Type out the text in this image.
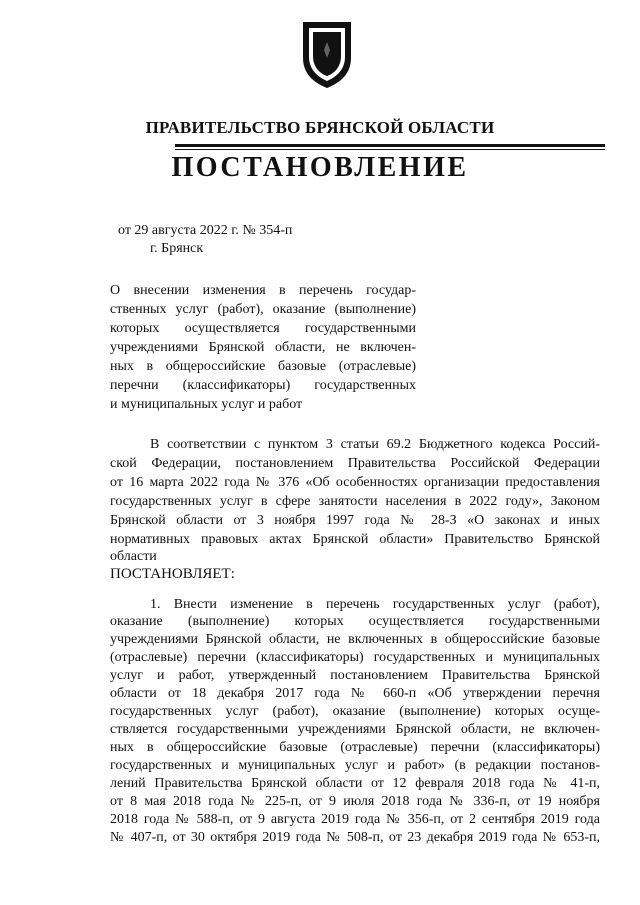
ПРАВИТЕЛЬСТВО БРЯНСКОЙ ОБЛАСТИ
ПОСТАНОВЛЕНИЕ
от 29 августа 2022 г. № 354-п
г. Брянск
О внесении изменения в перечень государ-
ственных услуг (работ), оказание (выполнение)
которых осуществляется государственными
учреждениями Брянской области, не включен-
ных в общероссийские базовые (отраслевые)
перечни (классификаторы) государственных
и муниципальных услуг и работ
В соответствии с пунктом 3 статьи 69.2 Бюджетного кодекса Россий-
ской Федерации, постановлением Правительства Российской Федерации
от 16 марта 2022 года № 376 «Об особенностях организации предоставления
государственных услуг в сфере занятости населения в 2022 году», Законом
Брянской области от 3 ноября 1997 года № 28-З «О законах и иных
нормативных правовых актах Брянской области» Правительство Брянской
области
ПОСТАНОВЛЯЕТ:
1. Внести изменение в перечень государственных услуг (работ),
оказание (выполнение) которых осуществляется государственными
учреждениями Брянской области, не включенных в общероссийские базовые
(отраслевые) перечни (классификаторы) государственных и муниципальных
услуг и работ, утвержденный постановлением Правительства Брянской
области от 18 декабря 2017 года № 660-п «Об утверждении перечня
государственных услуг (работ), оказание (выполнение) которых осуще-
ствляется государственными учреждениями Брянской области, не включен-
ных в общероссийские базовые (отраслевые) перечни (классификаторы)
государственных и муниципальных услуг и работ» (в редакции постанов-
лений Правительства Брянской области от 12 февраля 2018 года № 41-п,
от 8 мая 2018 года № 225-п, от 9 июля 2018 года № 336-п, от 19 ноября
2018 года № 588-п, от 9 августа 2019 года № 356-п, от 2 сентября 2019 года
№ 407-п, от 30 октября 2019 года № 508-п, от 23 декабря 2019 года № 653-п,
